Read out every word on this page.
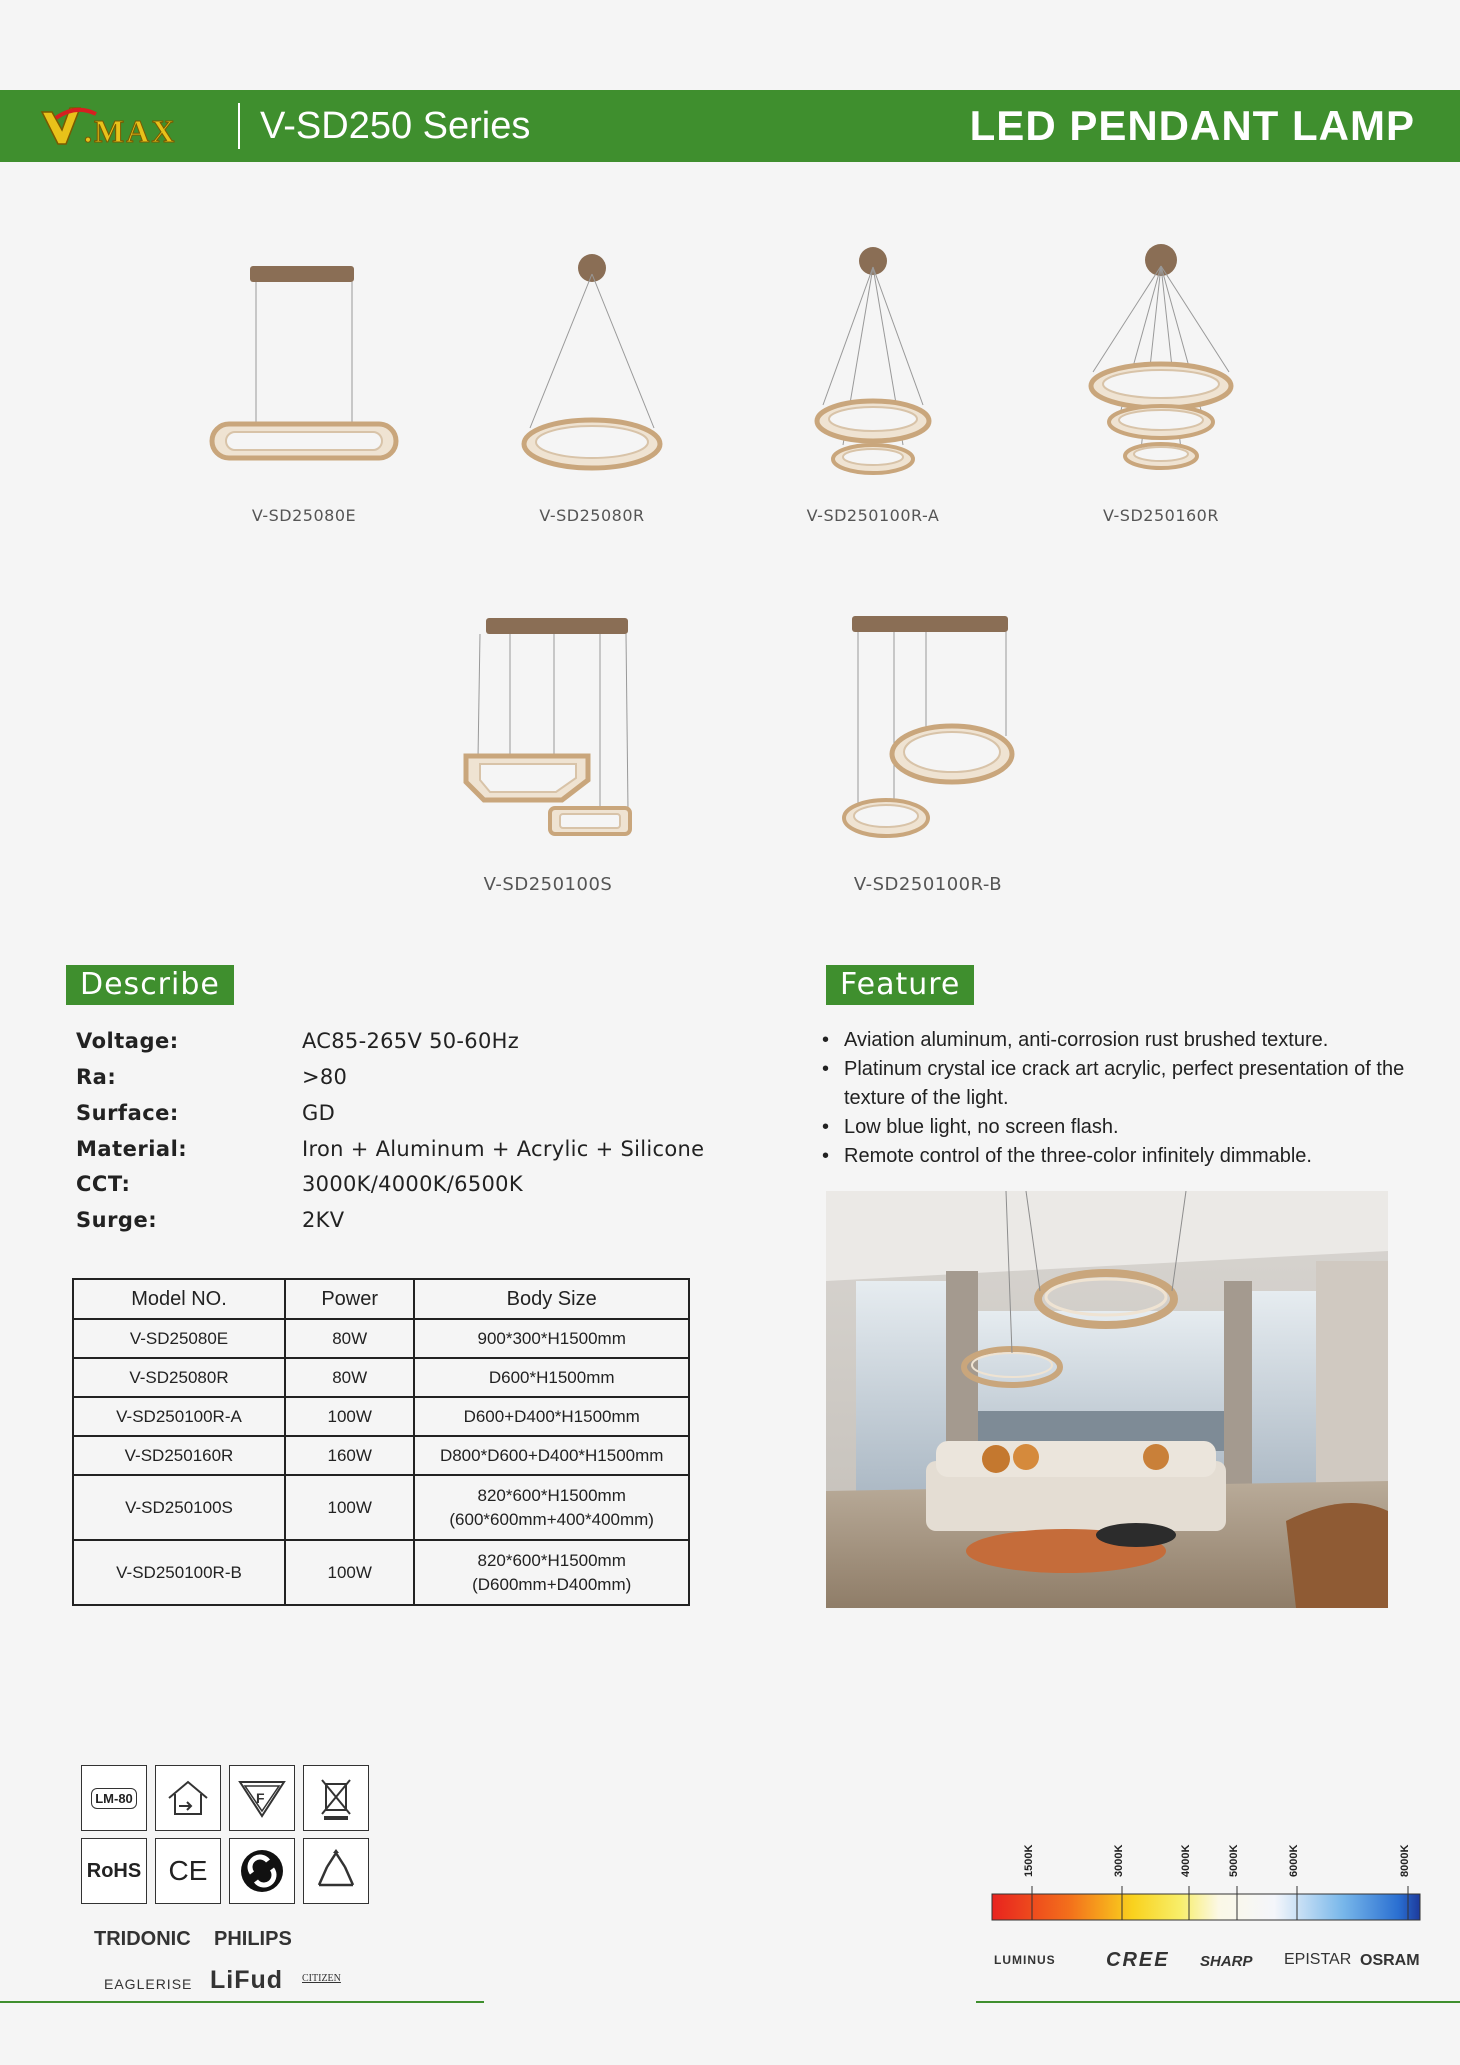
.MAX V-SD250 Series	LED PENDANT LAMP
V-SD25080E	V-SD25080R	V-SD250100R-A	V-SD250160R
V-SD250100S	V-SD250100R-B
Describe
Voltage:	AC85-265V 50-60Hz
Ra:	>80
Surface:	GD
Material:	Iron + Aluminum + Acrylic + Silicone
CCT:	3000K/4000K/6500K
Surge:	2KV
Model NO.	Power	Body Size
V-SD25080E	80W	900*300*H1500mm
V-SD25080R	80W	D600*H1500mm
V-SD250100R-A	100W	D600+D400*H1500mm
V-SD250160R	160W	D800*D600+D400*H1500mm
V-SD250100S	100W	820*600*H1500mm
(600*600mm+400*400mm)

V-SD250100R-B	100W	820*600*H1500mm
(D600mm+D400mm)
Feature
• Aviation aluminum, anti-corrosion rust brushed texture.
• Platinum crystal ice crack art acrylic, perfect presentation of the texture of the light.
• Low blue light, no screen flash.
• Remote control of the three-color infinitely dimmable.
LM-80	F
RoHS CE
TRIDONIC PHILIPS
EAGLERISE LiFud CITIZEN
1500K	3000K	4000K	5000K	6000K	8000K
LUMINUS	CREE SHARP EPISTAR OSRAM
